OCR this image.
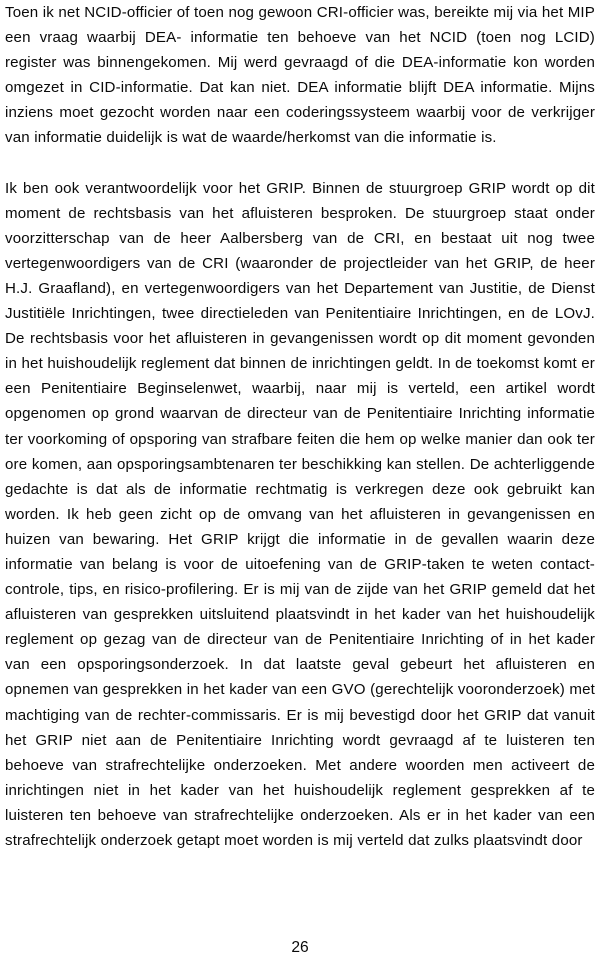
Toen ik net NCID-officier of toen nog gewoon CRI-officier was, bereikte mij via het MIP een vraag waarbij DEA- informatie ten behoeve van het NCID (toen nog LCID) register was binnengekomen. Mij werd gevraagd of die DEA-informatie kon worden omgezet in CID-informatie. Dat kan niet. DEA informatie blijft DEA informatie. Mijns inziens moet gezocht worden naar een coderingssysteem waarbij voor de verkrijger van informatie duidelijk is wat de waarde/herkomst van die informatie is.

Ik ben ook verantwoordelijk voor het GRIP. Binnen de stuurgroep GRIP wordt op dit moment de rechtsbasis van het afluisteren besproken. De stuurgroep staat onder voorzitterschap van de heer Aalbersberg van de CRI, en bestaat uit nog twee vertegenwoordigers van de CRI (waaronder de projectleider van het GRIP, de heer H.J. Graafland), en vertegenwoordigers van het Departement van Justitie, de Dienst Justitiële Inrichtingen, twee directieleden van Penitentiaire Inrichtingen, en de LOvJ. De rechtsbasis voor het afluisteren in gevangenissen wordt op dit moment gevonden in het huishoudelijk reglement dat binnen de inrichtingen geldt. In de toekomst komt er een Penitentiaire Beginselenwet, waarbij, naar mij is verteld, een artikel wordt opgenomen op grond waarvan de directeur van de Penitentiaire Inrichting informatie ter voorkoming of opsporing van strafbare feiten die hem op welke manier dan ook ter ore komen, aan opsporingsambtenaren ter beschikking kan stellen. De achterliggende gedachte is dat als de informatie rechtmatig is verkregen deze ook gebruikt kan worden. Ik heb geen zicht op de omvang van het afluisteren in gevangenissen en huizen van bewaring. Het GRIP krijgt die informatie in de gevallen waarin deze informatie van belang is voor de uitoefening van de GRIP-taken te weten contact-controle, tips, en risico-profilering. Er is mij van de zijde van het GRIP gemeld dat het afluisteren van gesprekken uitsluitend plaatsvindt in het kader van het huishoudelijk reglement op gezag van de directeur van de Penitentiaire Inrichting of in het kader van een opsporingsonderzoek. In dat laatste geval gebeurt het afluisteren en opnemen van gesprekken in het kader van een GVO (gerechtelijk vooronderzoek) met machtiging van de rechter-commissaris. Er is mij bevestigd door het GRIP dat vanuit het GRIP niet aan de Penitentiaire Inrichting wordt gevraagd af te luisteren ten behoeve van strafrechtelijke onderzoeken. Met andere woorden men activeert de inrichtingen niet in het kader van het huishoudelijk reglement gesprekken af te luisteren ten behoeve van strafrechtelijke onderzoeken. Als er in het kader van een strafrechtelijk onderzoek getapt moet worden is mij verteld dat zulks plaatsvindt door

26
